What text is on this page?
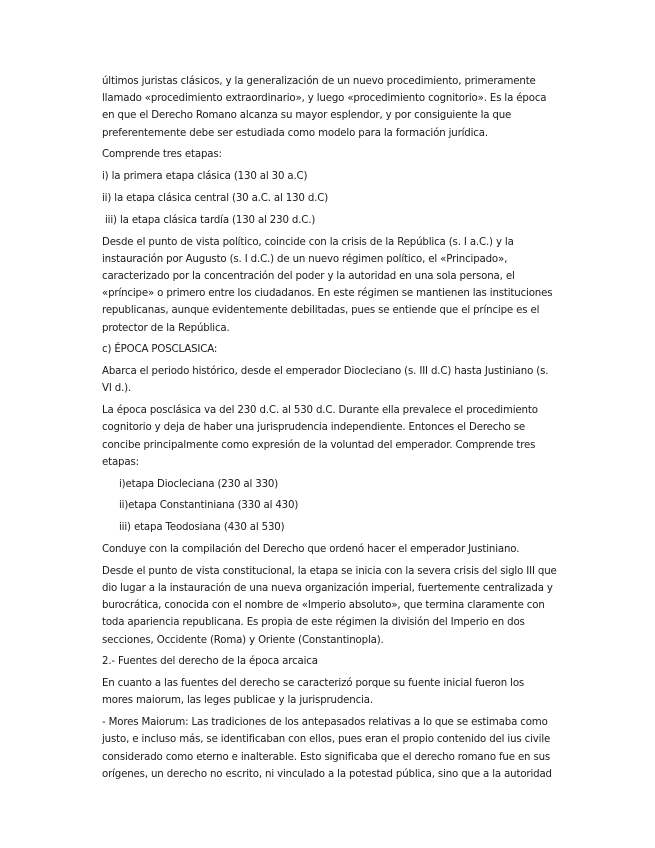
últimos juristas clásicos, y la generalización de un nuevo procedimiento, primeramente llamado «procedimiento extraordinario», y luego «procedimiento cognitorio». Es la época en que el Derecho Romano alcanza su mayor esplendor, y por consiguiente la que preferentemente debe ser estudiada como modelo para la formación jurídica.

Comprende tres etapas:

i) la primera etapa clásica (130 al 30 a.C)

ii) la etapa clásica central (30 a.C. al 130 d.C)

iii) la etapa clásica tardía (130 al 230 d.C.)

Desde el punto de vista político, coincide con la crisis de la República (s. I a.C.) y la instauración por Augusto (s. I d.C.) de un nuevo régimen político, el «Principado», caracterizado por la concentración del poder y la autoridad en una sola persona, el «príncipe» o primero entre los ciudadanos. En este régimen se mantienen las instituciones republicanas, aunque evidentemente debilitadas, pues se entiende que el príncipe es el protector de la República.

c) ÉPOCA POSCLASICA:

Abarca el periodo histórico, desde el emperador Diocleciano (s. III d.C) hasta Justiniano (s. VI d.).

La época posclásica va del 230 d.C. al 530 d.C. Durante ella prevalece el procedimiento cognitorio y deja de haber una jurisprudencia independiente. Entonces el Derecho se concibe principalmente como expresión de la voluntad del emperador. Comprende tres etapas:

i)etapa Diocleciana (230 al 330)

ii)etapa Constantiniana (330 al 430)

iii) etapa Teodosiana (430 al 530)

Conduye con la compilación del Derecho que ordenó hacer el emperador Justiniano.

Desde el punto de vista constitucional, la etapa se inicia con la severa crisis del siglo III que dio lugar a la instauración de una nueva organización imperial, fuertemente centralizada y burocrática, conocida con el nombre de «Imperio absoluto», que termina claramente con toda apariencia republicana. Es propia de este régimen la división del Imperio en dos secciones, Occidente (Roma) y Oriente (Constantinopla).

2.- Fuentes del derecho de la época arcaica

En cuanto a las fuentes del derecho se caracterizó porque su fuente inicial fueron los mores maiorum, las leges publicae y la jurisprudencia.

- Mores Maiorum: Las tradiciones de los antepasados relativas a lo que se estimaba como justo, e incluso más, se identificaban con ellos, pues eran el propio contenido del ius civile considerado como eterno e inalterable. Esto significaba que el derecho romano fue en sus orígenes, un derecho no escrito, ni vinculado a la potestad pública, sino que a la autoridad
